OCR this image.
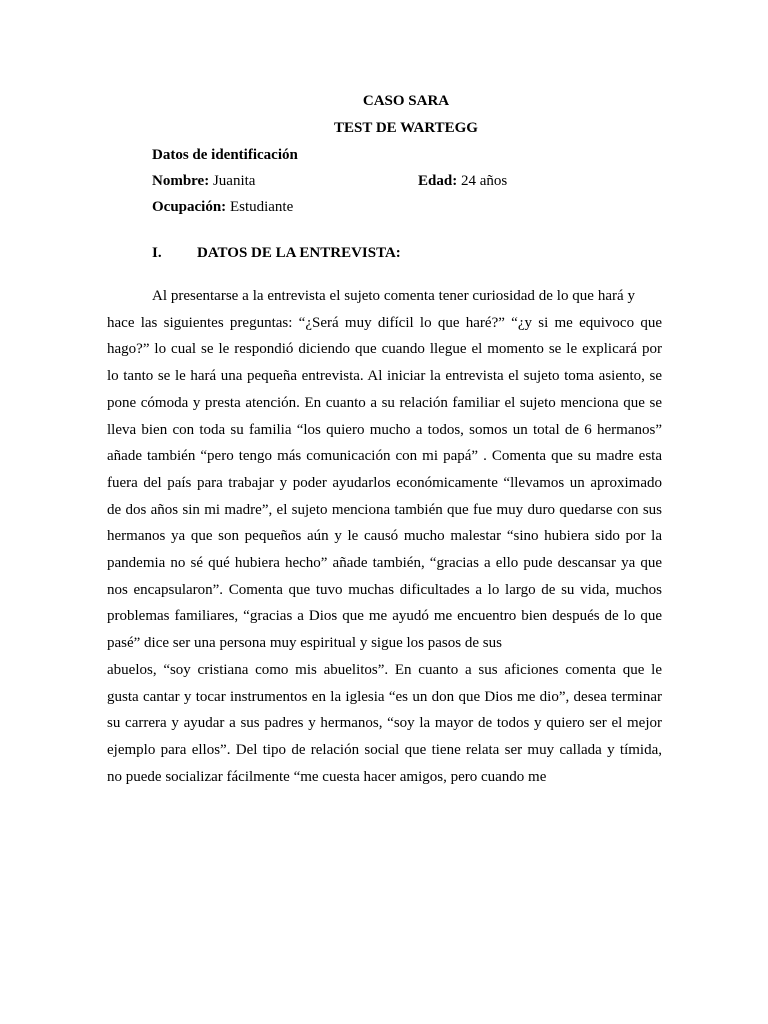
CASO SARA
TEST DE WARTEGG
Datos de identificación
Nombre: Juanita	Edad: 24 años
Ocupación: Estudiante
I. DATOS DE LA ENTREVISTA:
Al presentarse a la entrevista el sujeto comenta tener curiosidad de lo que hará y
hace las siguientes preguntas: “¿Será muy difícil lo que haré?” “¿y si me equivoco que
hago?” lo cual se le respondió diciendo que cuando llegue el momento se le explicará por
lo tanto se le hará una pequeña entrevista. Al iniciar la entrevista el sujeto toma asiento, se
pone cómoda y presta atención. En cuanto a su relación familiar el sujeto menciona que se
lleva bien con toda su familia “los quiero mucho a todos, somos un total de 6 hermanos”
añade también “pero tengo más comunicación con mi papá” . Comenta que su madre esta
fuera del país para trabajar y poder ayudarlos económicamente “llevamos un aproximado
de dos años sin mi madre”, el sujeto menciona también que fue muy duro quedarse con sus
hermanos ya que son pequeños aún y le causó mucho malestar “sino hubiera sido por la
pandemia no sé qué hubiera hecho” añade también, “gracias a ello pude descansar ya que
nos encapsularon”. Comenta que tuvo muchas dificultades a lo largo de su vida, muchos
problemas familiares, “gracias a Dios que me ayudó me encuentro bien después de lo que
pasé” dice ser una persona muy espiritual y sigue los pasos de sus
abuelos, “soy cristiana como mis abuelitos”. En cuanto a sus aficiones comenta que le
gusta cantar y tocar instrumentos en la iglesia “es un don que Dios me dio”, desea terminar
su carrera y ayudar a sus padres y hermanos, “soy la mayor de todos y quiero ser el mejor
ejemplo para ellos”. Del tipo de relación social que tiene relata ser muy callada y tímida,
no puede socializar fácilmente “me cuesta hacer amigos, pero cuando me
